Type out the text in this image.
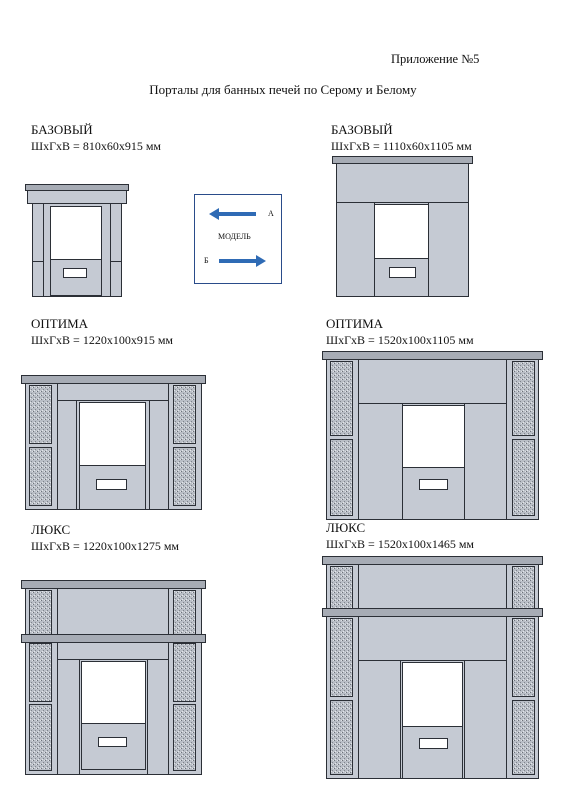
Приложение №5
Порталы для банных печей по Серому и Белому
БАЗОВЫЙ
ШхГхВ = 810х60х915 мм
БАЗОВЫЙ
ШхГхВ = 1110х60х1105 мм
ОПТИМА
ШхГхВ = 1220х100х915 мм
ОПТИМА
ШхГхВ = 1520х100х1105 мм
ЛЮКС
ШхГхВ = 1220х100х1275 мм
ЛЮКС
ШхГхВ = 1520х100х1465 мм
А
МОДЕЛЬ
Б
